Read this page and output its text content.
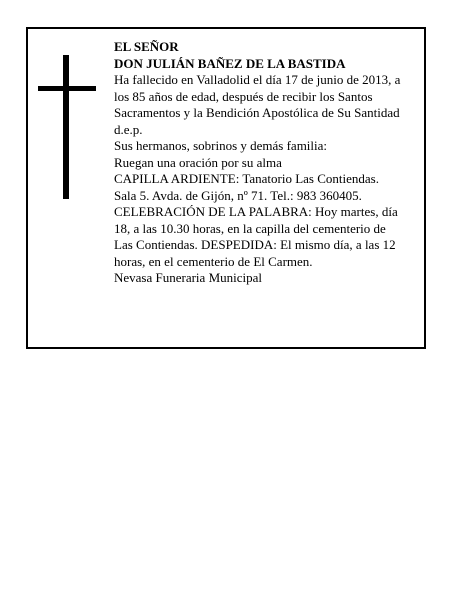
EL SEÑOR
DON JULIÁN BAÑEZ DE LA BASTIDA
Ha fallecido en Valladolid el día 17 de junio de 2013, a
los 85 años de edad, después de recibir los Santos
Sacramentos y la Bendición Apostólica de Su Santidad
d.e.p.
Sus hermanos, sobrinos y demás familia:
Ruegan una oración por su alma
CAPILLA ARDIENTE: Tanatorio Las Contiendas.
Sala 5. Avda. de Gijón, nº 71. Tel.: 983 360405.
CELEBRACIÓN DE LA PALABRA: Hoy martes, día
18, a las 10.30 horas, en la capilla del cementerio de
Las Contiendas. DESPEDIDA: El mismo día, a las 12
horas, en el cementerio de El Carmen.
Nevasa Funeraria Municipal
